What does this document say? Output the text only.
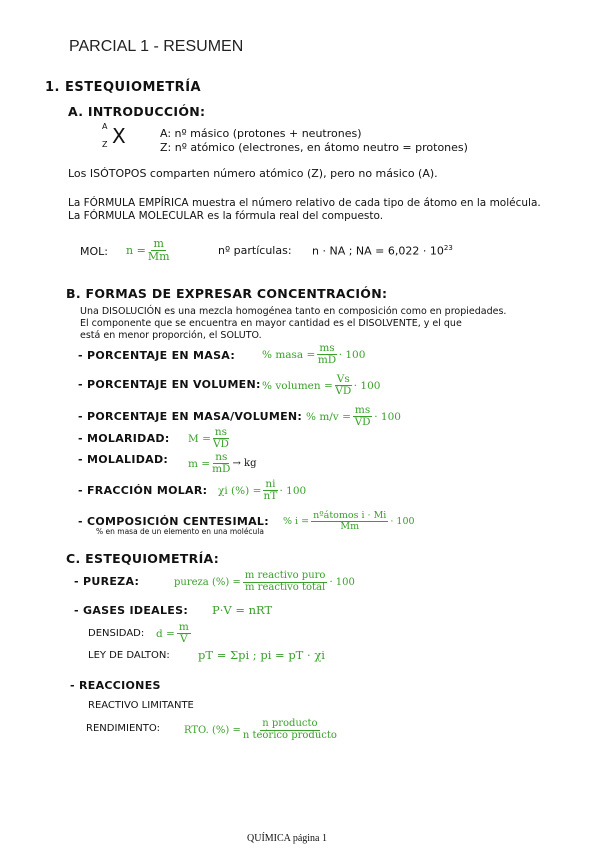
PARCIAL 1 - RESUMEN
1. ESTEQUIOMETRÍA
A. INTRODUCCIÓN:
A X
Z
A: nº másico (protones + neutrones)
Z: nº atómico (electrones, en átomo neutro = protones)
Los ISÓTOPOS comparten número atómico (Z), pero no másico (A).
La FÓRMULA EMPÍRICA muestra el número relativo de cada tipo de átomo en la molécula.
La FÓRMULA MOLECULAR es la fórmula real del compuesto.
MOL: $n = \frac{m}{Mm}$	nº partículas: n · NA ; NA = $6,022 \cdot 10^{23}$
B. FORMAS DE EXPRESAR CONCENTRACIÓN:
Una DISOLUCIÓN es una mezcla homogénea tanto en composición como en propiedades.
El componente que se encuentra en mayor cantidad es el DISOLVENTE, y el que
está en menor proporción, el SOLUTO.
- PORCENTAJE EN MASA:	% masa = $\frac{ms}{mD} \cdot 100$
- PORCENTAJE EN VOLUMEN: % volumen = $\frac{Vs}{VD} \cdot 100$
- PORCENTAJE EN MASA/VOLUMEN: % $m/v = \frac{ms}{VD} \cdot 100$
- MOLARIDAD: $M = \frac{ns}{VD}$
- MOLALIDAD: $m = \frac{ns}{mD}$ → kg
- FRACCIÓN MOLAR: χi (%) = $\frac{ni}{nT} \cdot 100$
- COMPOSICIÓN CENTESIMAL:
% en masa de un elemento en una molécula
% $i = \frac{\text{nºátomos i · Mi}}{Mm} \cdot 100$
C. ESTEQUIOMETRÍA:
- PUREZA:	pureza (%) = $\frac{\text{m reactivo puro}}{\text{m reactivo total}} \cdot 100$
- GASES IDEALES: P·V = nRT
DENSIDAD: $d = \frac{m}{V}$
LEY DE DALTON: pT = Σpi ; pi = pT · χi
- REACCIONES
REACTIVO LIMITANTE
RENDIMIENTO: RTO. (%) = $\frac{\text{n producto}}{\text{n teórico producto}}$
QUÍMICA página 1
